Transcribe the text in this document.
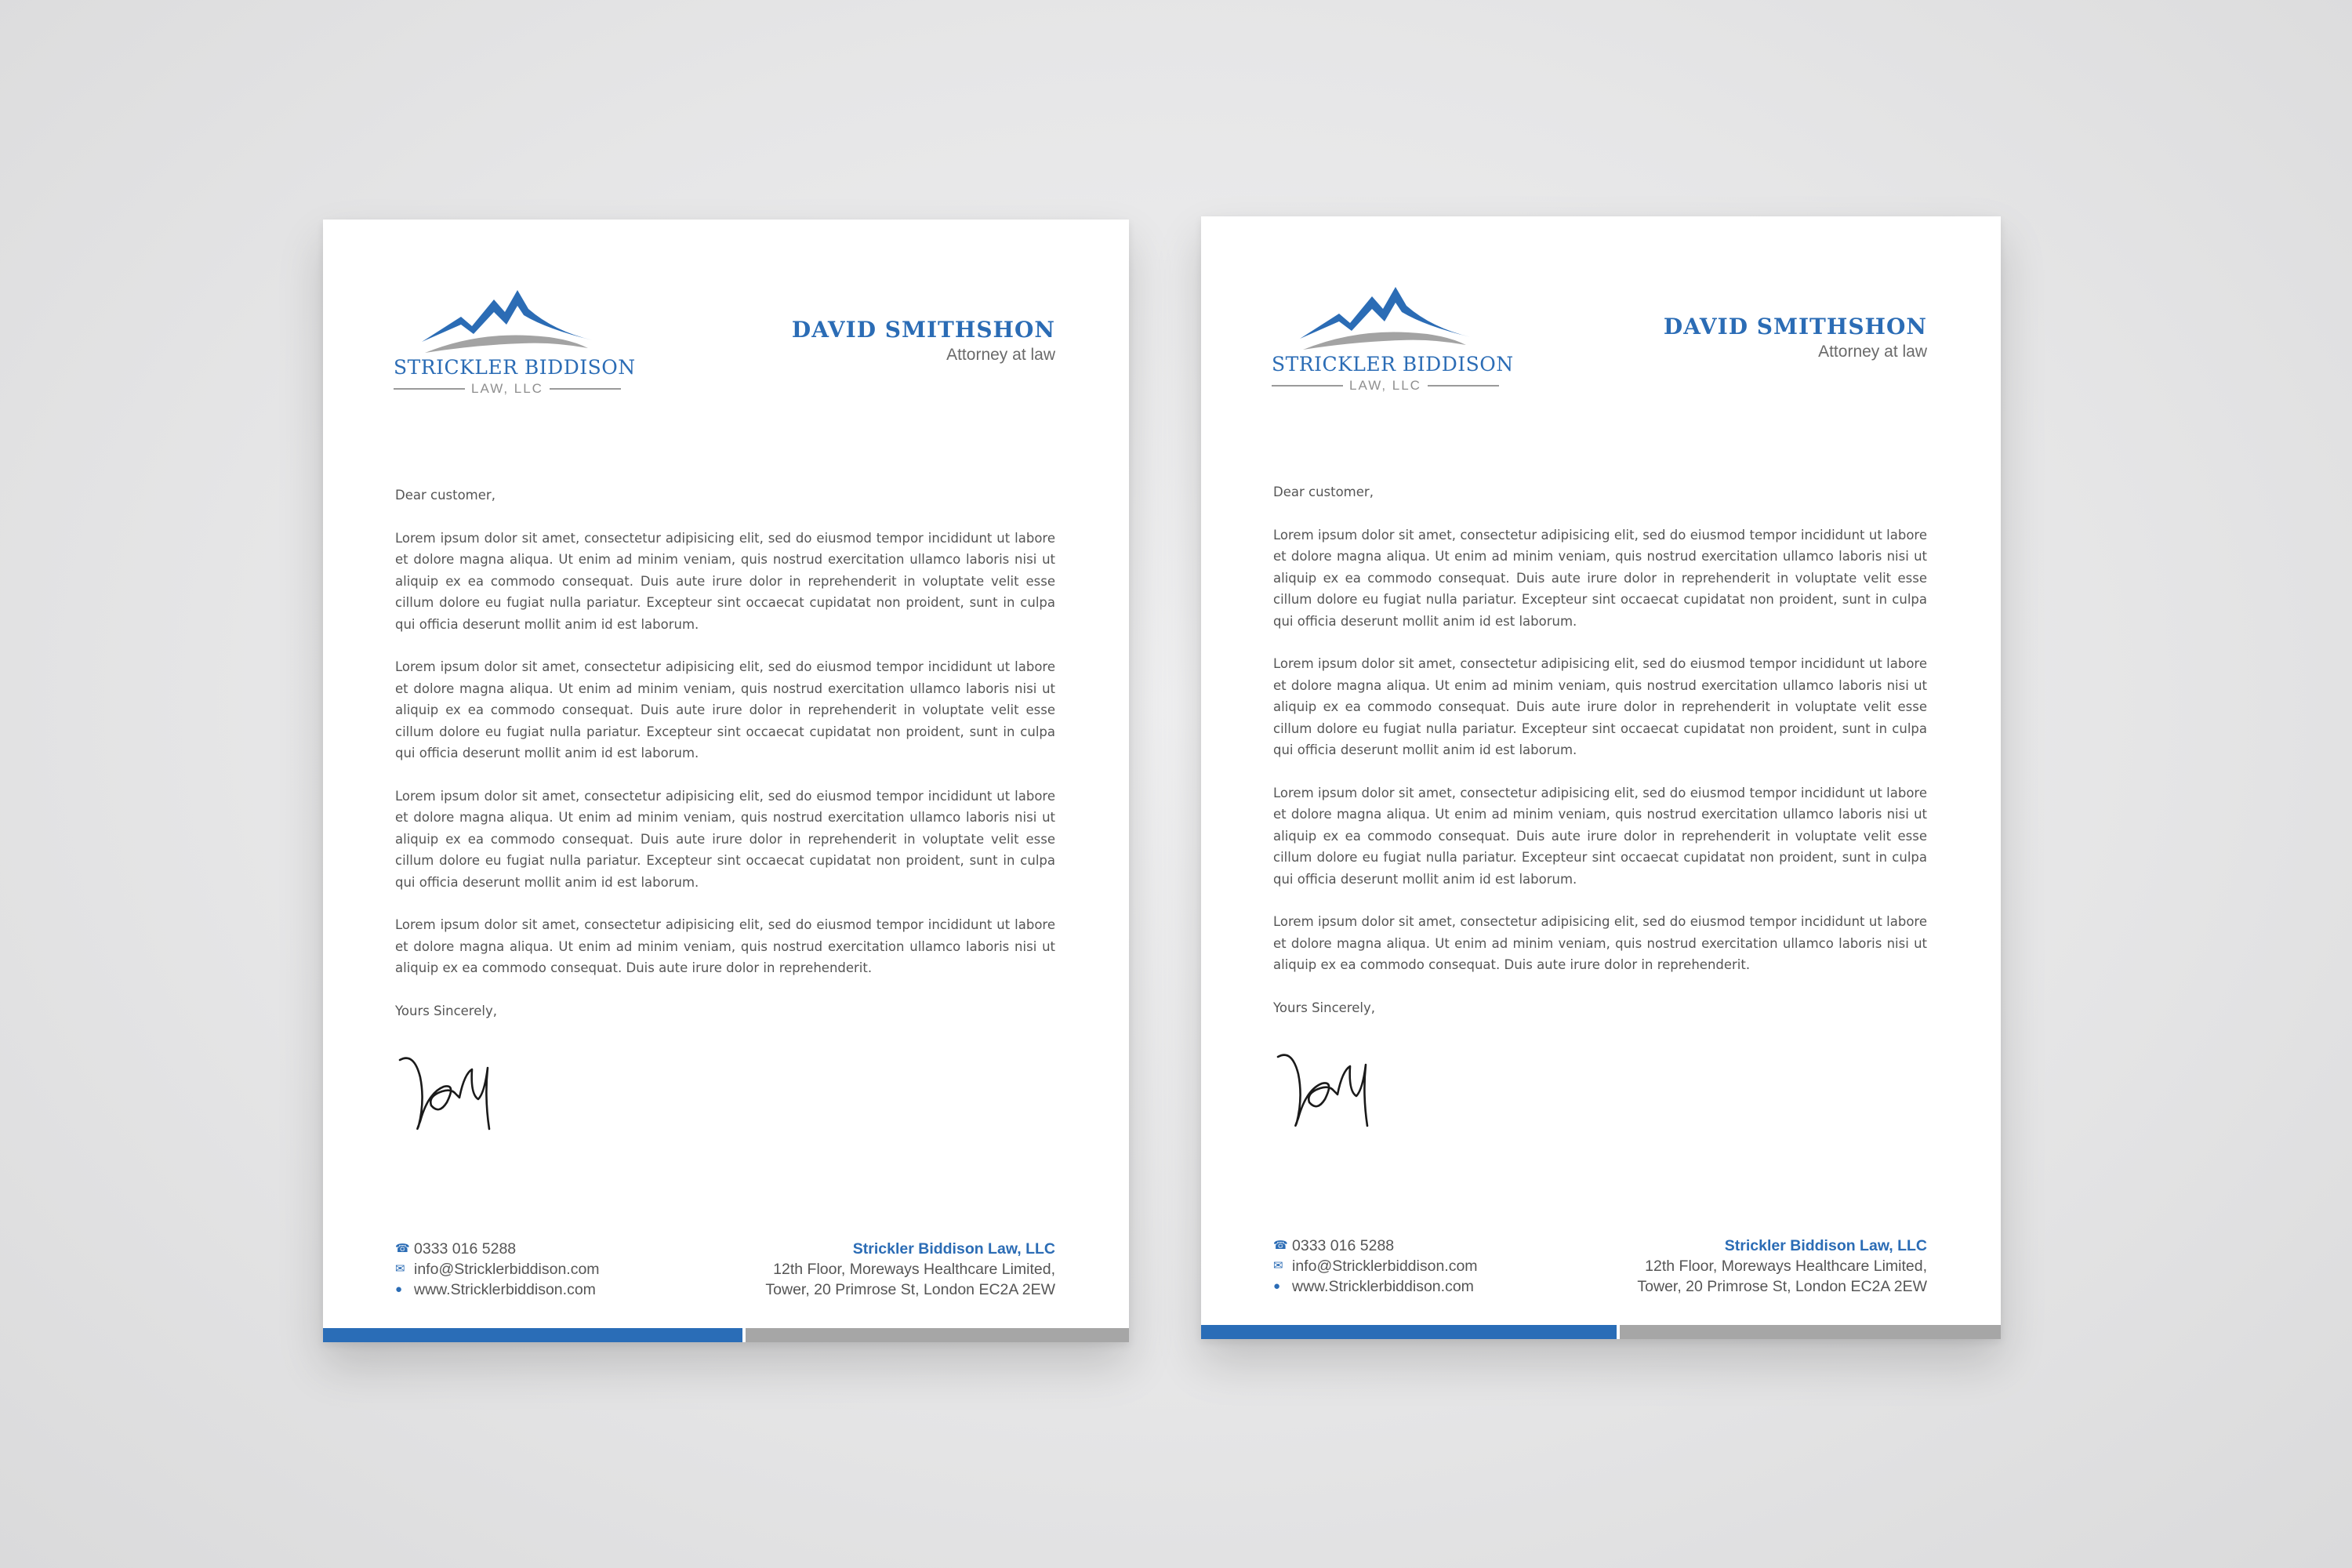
STRICKLER BIDDISON
LAW, LLC
DAVID SMITHSHON
Attorney at law

Dear customer,

Lorem ipsum dolor sit amet, consectetur adipisicing elit, sed do eiusmod tempor incididunt ut labore et dolore magna aliqua. Ut enim ad minim veniam, quis nostrud exercitation ullamco laboris nisi ut aliquip ex ea commodo consequat. Duis aute irure dolor in reprehenderit in voluptate velit esse cillum dolore eu fugiat nulla pariatur. Excepteur sint occaecat cupidatat non proident, sunt in culpa qui officia deserunt mollit anim id est laborum.

Lorem ipsum dolor sit amet, consectetur adipisicing elit, sed do eiusmod tempor incididunt ut labore et dolore magna aliqua. Ut enim ad minim veniam, quis nostrud exercitation ullamco laboris nisi ut aliquip ex ea commodo consequat. Duis aute irure dolor in reprehenderit in voluptate velit esse cillum dolore eu fugiat nulla pariatur. Excepteur sint occaecat cupidatat non proident, sunt in culpa qui officia deserunt mollit anim id est laborum.

Lorem ipsum dolor sit amet, consectetur adipisicing elit, sed do eiusmod tempor incididunt ut labore et dolore magna aliqua. Ut enim ad minim veniam, quis nostrud exercitation ullamco laboris nisi ut aliquip ex ea commodo consequat. Duis aute irure dolor in reprehenderit in voluptate velit esse cillum dolore eu fugiat nulla pariatur. Excepteur sint occaecat cupidatat non proident, sunt in culpa qui officia deserunt mollit anim id est laborum.

Lorem ipsum dolor sit amet, consectetur adipisicing elit, sed do eiusmod tempor incididunt ut labore et dolore magna aliqua. Ut enim ad minim veniam, quis nostrud exercitation ullamco laboris nisi ut aliquip ex ea commodo consequat. Duis aute irure dolor in reprehenderit.

Yours Sincerely,

☎ 0333 016 5288
✉ info@Stricklerbiddison.com
● www.Stricklerbiddison.com
Strickler Biddison Law, LLC
12th Floor, Moreways Healthcare Limited,
Tower, 20 Primrose St, London EC2A 2EW
STRICKLER BIDDISON
LAW, LLC
DAVID SMITHSHON
Attorney at law

Dear customer,

Lorem ipsum dolor sit amet, consectetur adipisicing elit, sed do eiusmod tempor incididunt ut labore et dolore magna aliqua. Ut enim ad minim veniam, quis nostrud exercitation ullamco laboris nisi ut aliquip ex ea commodo consequat. Duis aute irure dolor in reprehenderit in voluptate velit esse cillum dolore eu fugiat nulla pariatur. Excepteur sint occaecat cupidatat non proident, sunt in culpa qui officia deserunt mollit anim id est laborum.

Lorem ipsum dolor sit amet, consectetur adipisicing elit, sed do eiusmod tempor incididunt ut labore et dolore magna aliqua. Ut enim ad minim veniam, quis nostrud exercitation ullamco laboris nisi ut aliquip ex ea commodo consequat. Duis aute irure dolor in reprehenderit in voluptate velit esse cillum dolore eu fugiat nulla pariatur. Excepteur sint occaecat cupidatat non proident, sunt in culpa qui officia deserunt mollit anim id est laborum.

Lorem ipsum dolor sit amet, consectetur adipisicing elit, sed do eiusmod tempor incididunt ut labore et dolore magna aliqua. Ut enim ad minim veniam, quis nostrud exercitation ullamco laboris nisi ut aliquip ex ea commodo consequat. Duis aute irure dolor in reprehenderit in voluptate velit esse cillum dolore eu fugiat nulla pariatur. Excepteur sint occaecat cupidatat non proident, sunt in culpa qui officia deserunt mollit anim id est laborum.

Lorem ipsum dolor sit amet, consectetur adipisicing elit, sed do eiusmod tempor incididunt ut labore et dolore magna aliqua. Ut enim ad minim veniam, quis nostrud exercitation ullamco laboris nisi ut aliquip ex ea commodo consequat. Duis aute irure dolor in reprehenderit.

Yours Sincerely,

☎ 0333 016 5288
✉ info@Stricklerbiddison.com
● www.Stricklerbiddison.com
Strickler Biddison Law, LLC
12th Floor, Moreways Healthcare Limited,
Tower, 20 Primrose St, London EC2A 2EW
